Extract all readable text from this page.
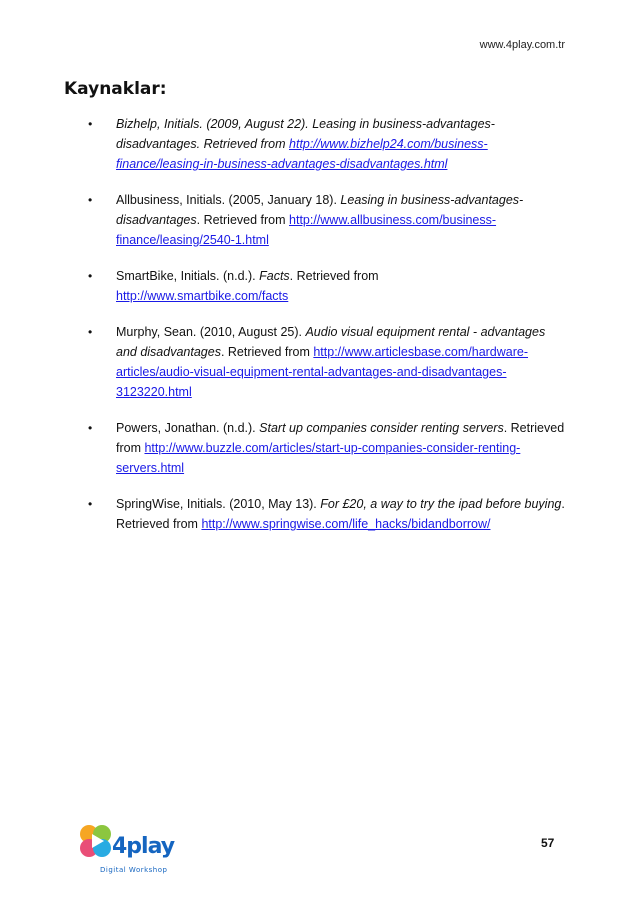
www.4play.com.tr
Kaynaklar:
• Bizhelp, Initials. (2009, August 22). Leasing in business-advantages-disadvantages. Retrieved from http://www.bizhelp24.com/business-finance/leasing-in-business-advantages-disadvantages.html
• Allbusiness, Initials. (2005, January 18). Leasing in business-advantages-disadvantages. Retrieved from http://www.allbusiness.com/business-finance/leasing/2540-1.html
• SmartBike, Initials. (n.d.). Facts. Retrieved from
http://www.smartbike.com/facts
• Murphy, Sean. (2010, August 25). Audio visual equipment rental - advantages and disadvantages. Retrieved from http://www.articlesbase.com/hardware-articles/audio-visual-equipment-rental-advantages-and-disadvantages-3123220.html
• Powers, Jonathan. (n.d.). Start up companies consider renting servers. Retrieved from http://www.buzzle.com/articles/start-up-companies-consider-renting-servers.html
• SpringWise, Initials. (2010, May 13). For £20, a way to try the ipad before buying. Retrieved from http://www.springwise.com/life_hacks/bidandborrow/
4play
Digital Workshop
57
